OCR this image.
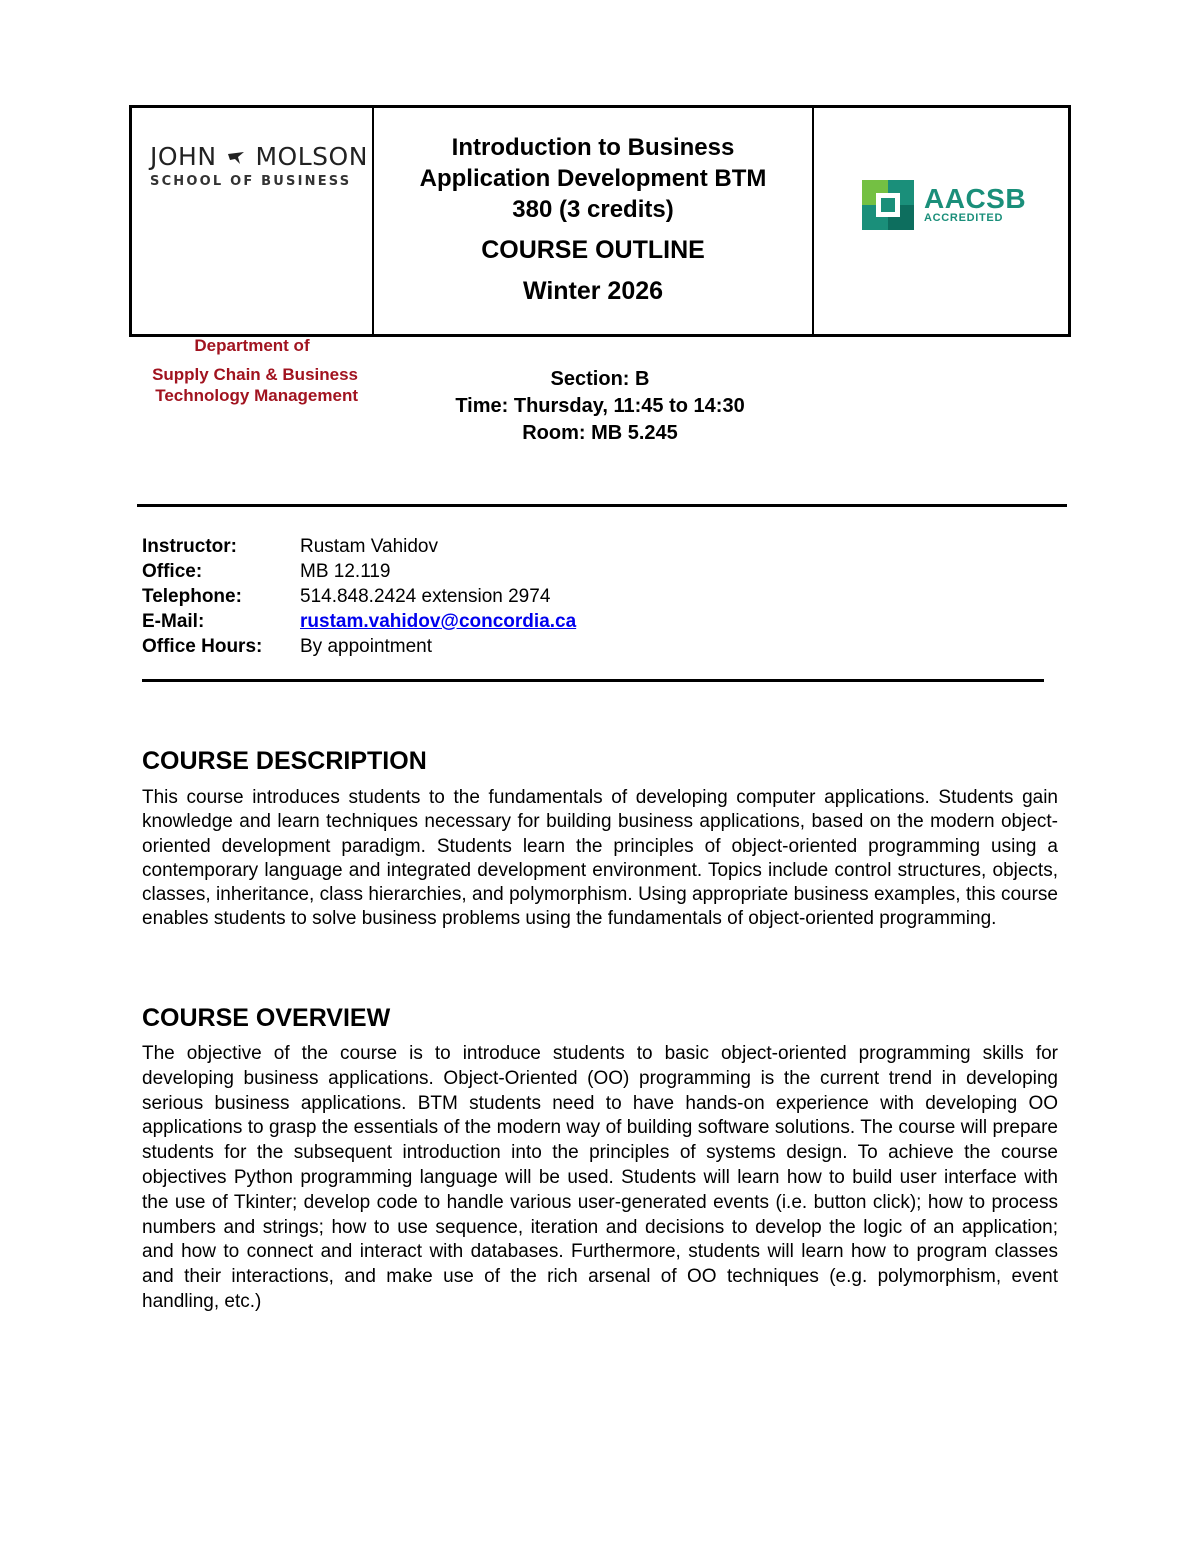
JOHN MOLSON
SCHOOL OF BUSINESS
Department of
Supply Chain & Business
Technology Management
Introduction to Business
Application Development BTM
380 (3 credits)
COURSE OUTLINE
Winter 2026
AACSB
ACCREDITED
Section: B
Time: Thursday, 11:45 to 14:30
Room: MB 5.245
Instructor:	Rustam Vahidov
Office:	MB 12.119
Telephone:	514.848.2424 extension 2974
E-Mail:	rustam.vahidov@concordia.ca
Office Hours:	By appointment
COURSE DESCRIPTION
This course introduces students to the fundamentals of developing computer applications. Students gain knowledge and learn techniques necessary for building business applications, based on the modern object-oriented development paradigm. Students learn the principles of object-oriented programming using a contemporary language and integrated development environment. Topics include control structures, objects, classes, inheritance, class hierarchies, and polymorphism. Using appropriate business examples, this course enables students to solve business problems using the fundamentals of object-oriented programming.
COURSE OVERVIEW
The objective of the course is to introduce students to basic object-oriented programming skills for developing business applications. Object-Oriented (OO) programming is the current trend in developing serious business applications. BTM students need to have hands-on experience with developing OO applications to grasp the essentials of the modern way of building software solutions. The course will prepare students for the subsequent introduction into the principles of systems design. To achieve the course objectives Python programming language will be used. Students will learn how to build user interface with the use of Tkinter; develop code to handle various user-generated events (i.e. button click); how to process numbers and strings; how to use sequence, iteration and decisions to develop the logic of an application; and how to connect and interact with databases. Furthermore, students will learn how to program classes and their interactions, and make use of the rich arsenal of OO techniques (e.g. polymorphism, event handling, etc.)
